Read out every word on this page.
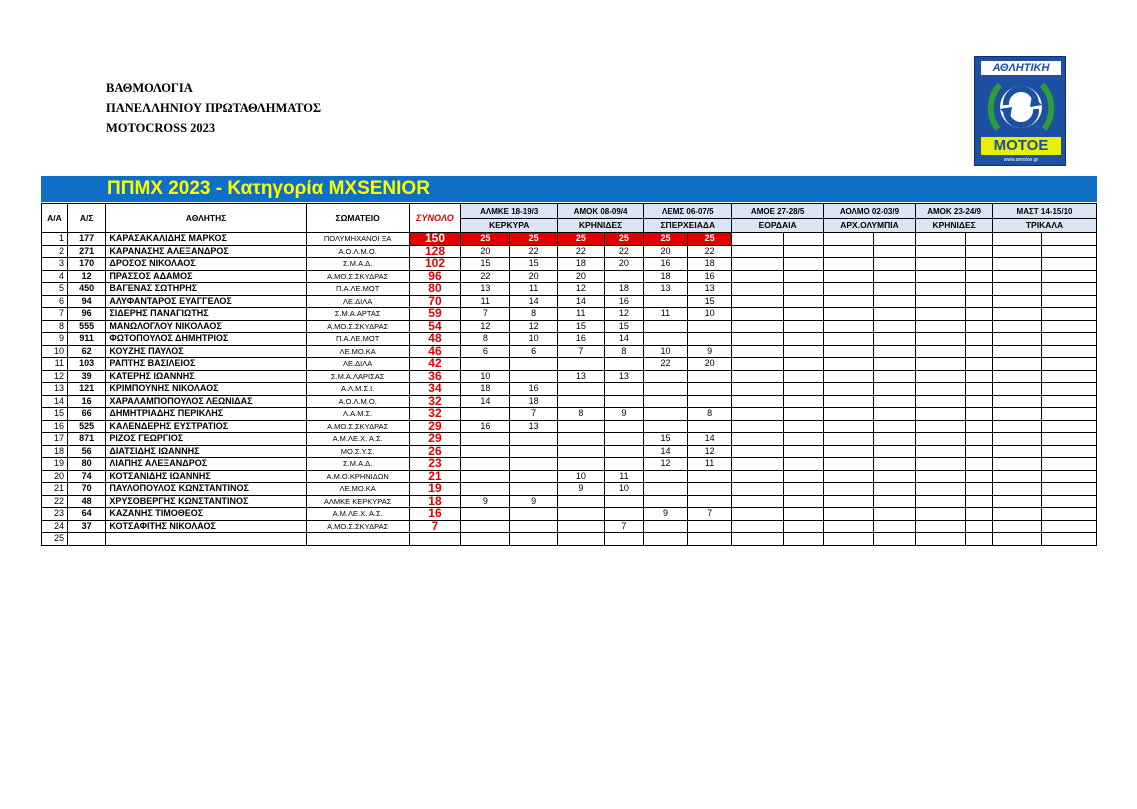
ΒΑΘΜΟΛΟΓΙΑ
ΠΑΝΕΛΛΗΝΙΟΥ ΠΡΩΤΑΘΛΗΜΑΤΟΣ
MOTOCROSS 2023
ΑΘΛΗΤΙΚΗ
ΜΟΤΟΕ
www.amotoe.gr
ΠΠΜΧ 2023 - Κατηγορία MXSENIOR
Α/Α	Α/Σ	ΑΘΛΗΤΗΣ	ΣΩΜΑΤΕΙΟ	ΣΥΝΟΛΟ	ΑΛΜΚΕ 18-19/3		ΑΜΟΚ 08-09/4		ΛΕΜΣ 06-07/5		ΑΜΟΕ 27-28/5		ΑΟΛΜΟ 02-03/9		ΑΜΟΚ 23-24/9		ΜΑΣΤ 14-15/10	
					ΚΕΡΚΥΡΑ		ΚΡΗΝΙΔΕΣ		ΣΠΕΡΧΕΙΑΔΑ		ΕΟΡΔΑΙΑ		ΑΡΧ.ΟΛΥΜΠΙΑ		ΚΡΗΝΙΔΕΣ		ΤΡΙΚΑΛΑ	
1	177	ΚΑΡΑΣΑΚΑΛΙΔΗΣ ΜΑΡΚΟΣ	ΠΟΛΥΜΗΧΑΝΟΙ ΞΑ	150	25	25	25	25	25	25								
2	271	ΚΑΡΑΝΑΣΗΣ ΑΛΕΞΑΝΔΡΟΣ	Α.Ο.Λ.Μ.Ο.	128	20	22	22	22	20	22								
3	170	ΔΡΟΣΟΣ ΝΙΚΟΛΑΟΣ	Σ.Μ.Α.Δ.	102	15	15	18	20	16	18								
4	12	ΠΡΑΣΣΟΣ ΑΔΑΜΟΣ	Α.ΜΟ.Σ.ΣΚΥΔΡΑΣ	96	22	20	20		18	16								
5	450	ΒΑΓΕΝΑΣ ΣΩΤΗΡΗΣ	Π.Α.ΛΕ.ΜΟΤ	80	13	11	12	18	13	13								
6	94	ΑΛΥΦΑΝΤΑΡΟΣ ΕΥΑΓΓΕΛΟΣ	ΛΕ.ΔΙΛΑ	70	11	14	14	16		15								
7	96	ΣΙΔΕΡΗΣ ΠΑΝΑΓΙΩΤΗΣ	Σ.Μ.Α.ΑΡΤΑΣ	59	7	8	11	12	11	10								
8	555	ΜΑΝΩΛΟΓΛΟΥ ΝΙΚΟΛΑΟΣ	Α.ΜΟ.Σ.ΣΚΥΔΡΑΣ	54	12	12	15	15										
9	911	ΦΩΤΟΠΟΥΛΟΣ ΔΗΜΗΤΡΙΟΣ	Π.Α.ΛΕ.ΜΟΤ	48	8	10	16	14										
10	62	ΚΟΥΖΗΣ ΠΑΥΛΟΣ	ΛΕ.ΜΟ.ΚΑ	46	6	6	7	8	10	9								
11	103	ΡΑΠΤΗΣ ΒΑΣΙΛΕΙΟΣ	ΛΕ.ΔΙΛΑ	42					22	20								
12	39	ΚΑΤΕΡΗΣ ΙΩΑΝΝΗΣ	Σ.Μ.Α.ΛΑΡΙΣΑΣ	36	10		13	13										
13	121	ΚΡΙΜΠΟΥΝΗΣ ΝΙΚΟΛΑΟΣ	Α.Λ.Μ.Σ.Ι.	34	18	16												
14	16	ΧΑΡΑΛΑΜΠΟΠΟΥΛΟΣ ΛΕΩΝΙΔΑΣ	Α.Ο.Λ.Μ.Ο.	32	14	18												
15	66	ΔΗΜΗΤΡΙΑΔΗΣ ΠΕΡΙΚΛΗΣ	Λ.Α.Μ.Σ.	32		7	8	9		8								
16	525	ΚΑΛΕΝΔΕΡΗΣ ΕΥΣΤΡΑΤΙΟΣ	Α.ΜΟ.Σ.ΣΚΥΔΡΑΣ	29	16	13												
17	871	ΡΙΖΟΣ ΓΕΩΡΓΙΟΣ	Α.Μ.ΛΕ.Χ. Α.Σ.	29					15	14								
18	56	ΔΙΑΤΣΙΔΗΣ ΙΩΑΝΝΗΣ	ΜΟ.Σ.Υ.Σ.	26					14	12								
19	80	ΛΙΑΠΗΣ ΑΛΕΞΑΝΔΡΟΣ	Σ.Μ.Α.Δ.	23					12	11								
20	74	ΚΟΤΣΑΝΙΔΗΣ ΙΩΑΝΝΗΣ	Α.Μ.Ο.ΚΡΗΝΙΔΩΝ	21			10	11										
21	70	ΠΑΥΛΟΠΟΥΛΟΣ ΚΩΝΣΤΑΝΤΙΝΟΣ	ΛΕ.ΜΟ.ΚΑ	19			9	10										
22	48	ΧΡΥΣΟΒΕΡΓΗΣ ΚΩΝΣΤΑΝΤΙΝΟΣ	ΑΛΜΚΕ ΚΕΡΚΥΡΑΣ	18	9	9												
23	64	ΚΑΖΑΝΗΣ ΤΙΜΟΘΕΟΣ	Α.Μ.ΛΕ.Χ. Α.Σ.	16					9	7								
24	37	ΚΟΤΣΑΦΙΤΗΣ ΝΙΚΟΛΑΟΣ	Α.ΜΟ.Σ.ΣΚΥΔΡΑΣ	7				7										
25																		
